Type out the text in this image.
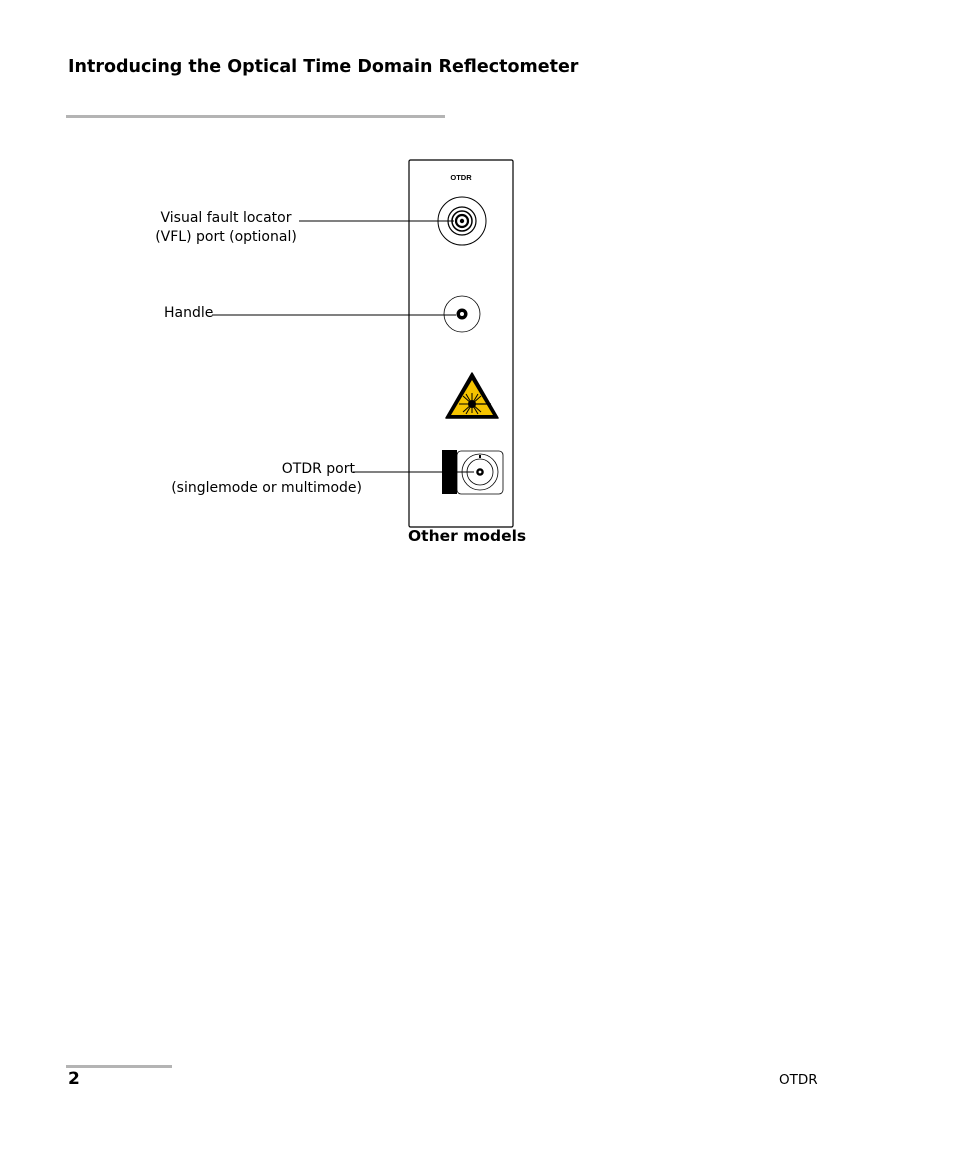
Introducing the Optical Time Domain Reflectometer
OTDR
Visual fault locator
(VFL) port (optional)
Handle
OTDR port
(singlemode or multimode)
Other models
2	OTDR
